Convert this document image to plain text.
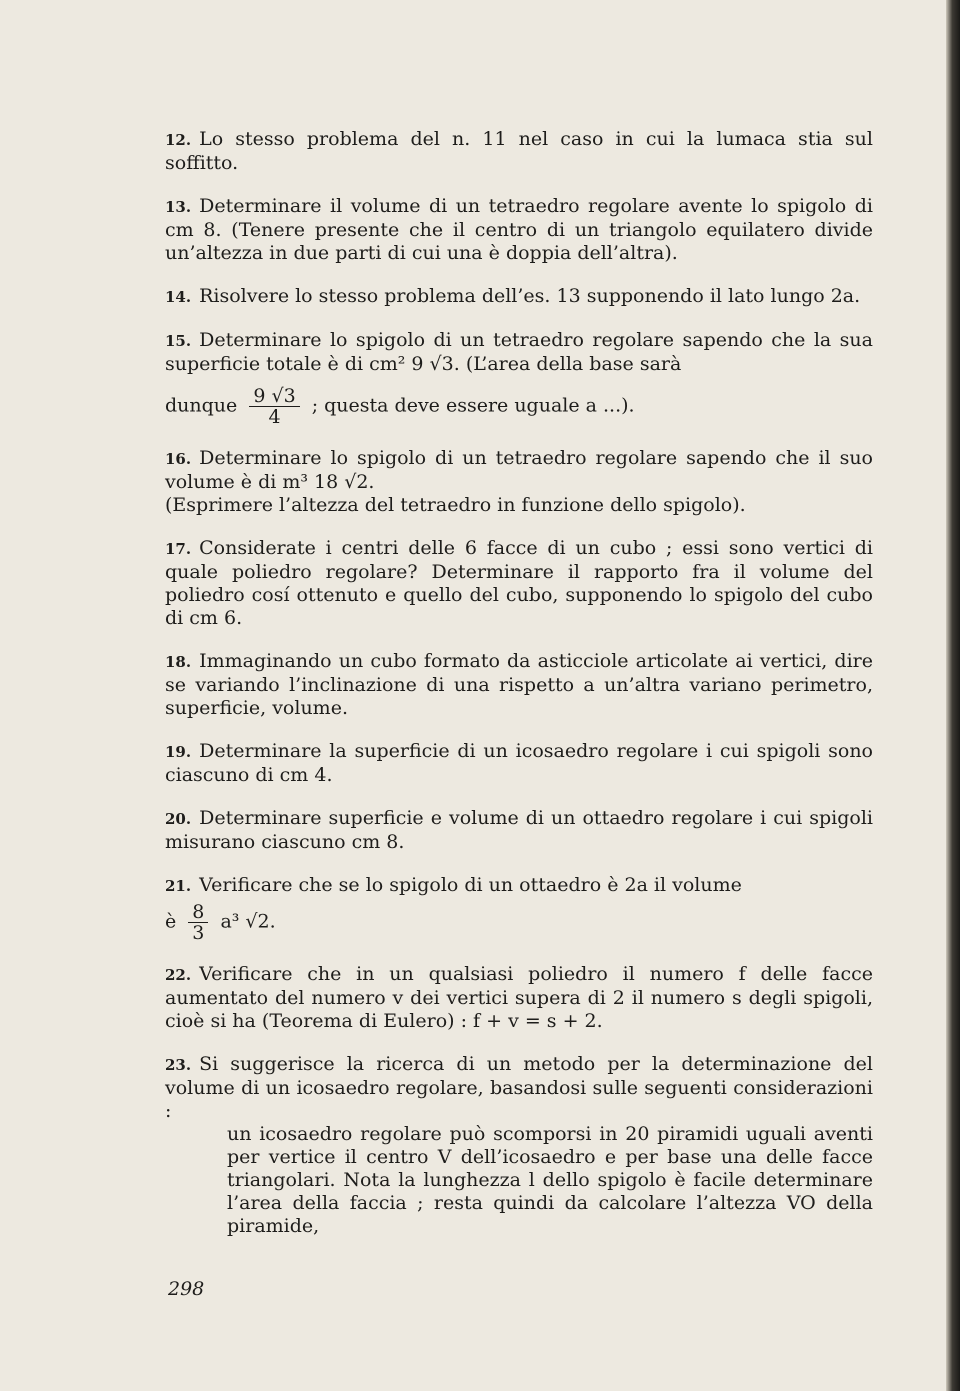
12. Lo stesso problema del n. 11 nel caso in cui la lumaca stia sul soffitto.

13. Determinare il volume di un tetraedro regolare avente lo spigolo di cm 8. (Tenere presente che il centro di un triangolo equilatero divide un’altezza in due parti di cui una è doppia dell’altra).

14. Risolvere lo stesso problema dell’es. 13 supponendo il lato lungo 2a.

15. Determinare lo spigolo di un tetraedro regolare sapendo che la sua superficie totale è di cm² 9 √3. (L’area della base sarà
dunque $\frac{9 √3}{4}$ ; questa deve essere uguale a ...).

16. Determinare lo spigolo di un tetraedro regolare sapendo che il suo volume è di m³ 18 √2.
(Esprimere l’altezza del tetraedro in funzione dello spigolo).

17. Considerate i centri delle 6 facce di un cubo ; essi sono vertici di quale poliedro regolare? Determinare il rapporto fra il volume del poliedro cosí ottenuto e quello del cubo, supponendo lo spigolo del cubo di cm 6.

18. Immaginando un cubo formato da asticciole articolate ai vertici, dire se variando l’inclinazione di una rispetto a un’altra variano perimetro, superficie, volume.

19. Determinare la superficie di un icosaedro regolare i cui spigoli sono ciascuno di cm 4.

20. Determinare superficie e volume di un ottaedro regolare i cui spigoli misurano ciascuno cm 8.

21. Verificare che se lo spigolo di un ottaedro è 2a il volume
è $\frac{8}{3} a^3$ √2.

22. Verificare che in un qualsiasi poliedro il numero f delle facce aumentato del numero v dei vertici supera di 2 il numero s degli spigoli, cioè si ha (Teorema di Eulero) : f + v = s + 2.

23. Si suggerisce la ricerca di un metodo per la determinazione del volume di un icosaedro regolare, basandosi sulle seguenti considerazioni :
un icosaedro regolare può scomporsi in 20 piramidi uguali aventi per vertice il centro V dell’icosaedro e per base una delle facce triangolari. Nota la lunghezza l dello spigolo è facile determinare l’area della faccia ; resta quindi da calcolare l’altezza VO della piramide,

298
